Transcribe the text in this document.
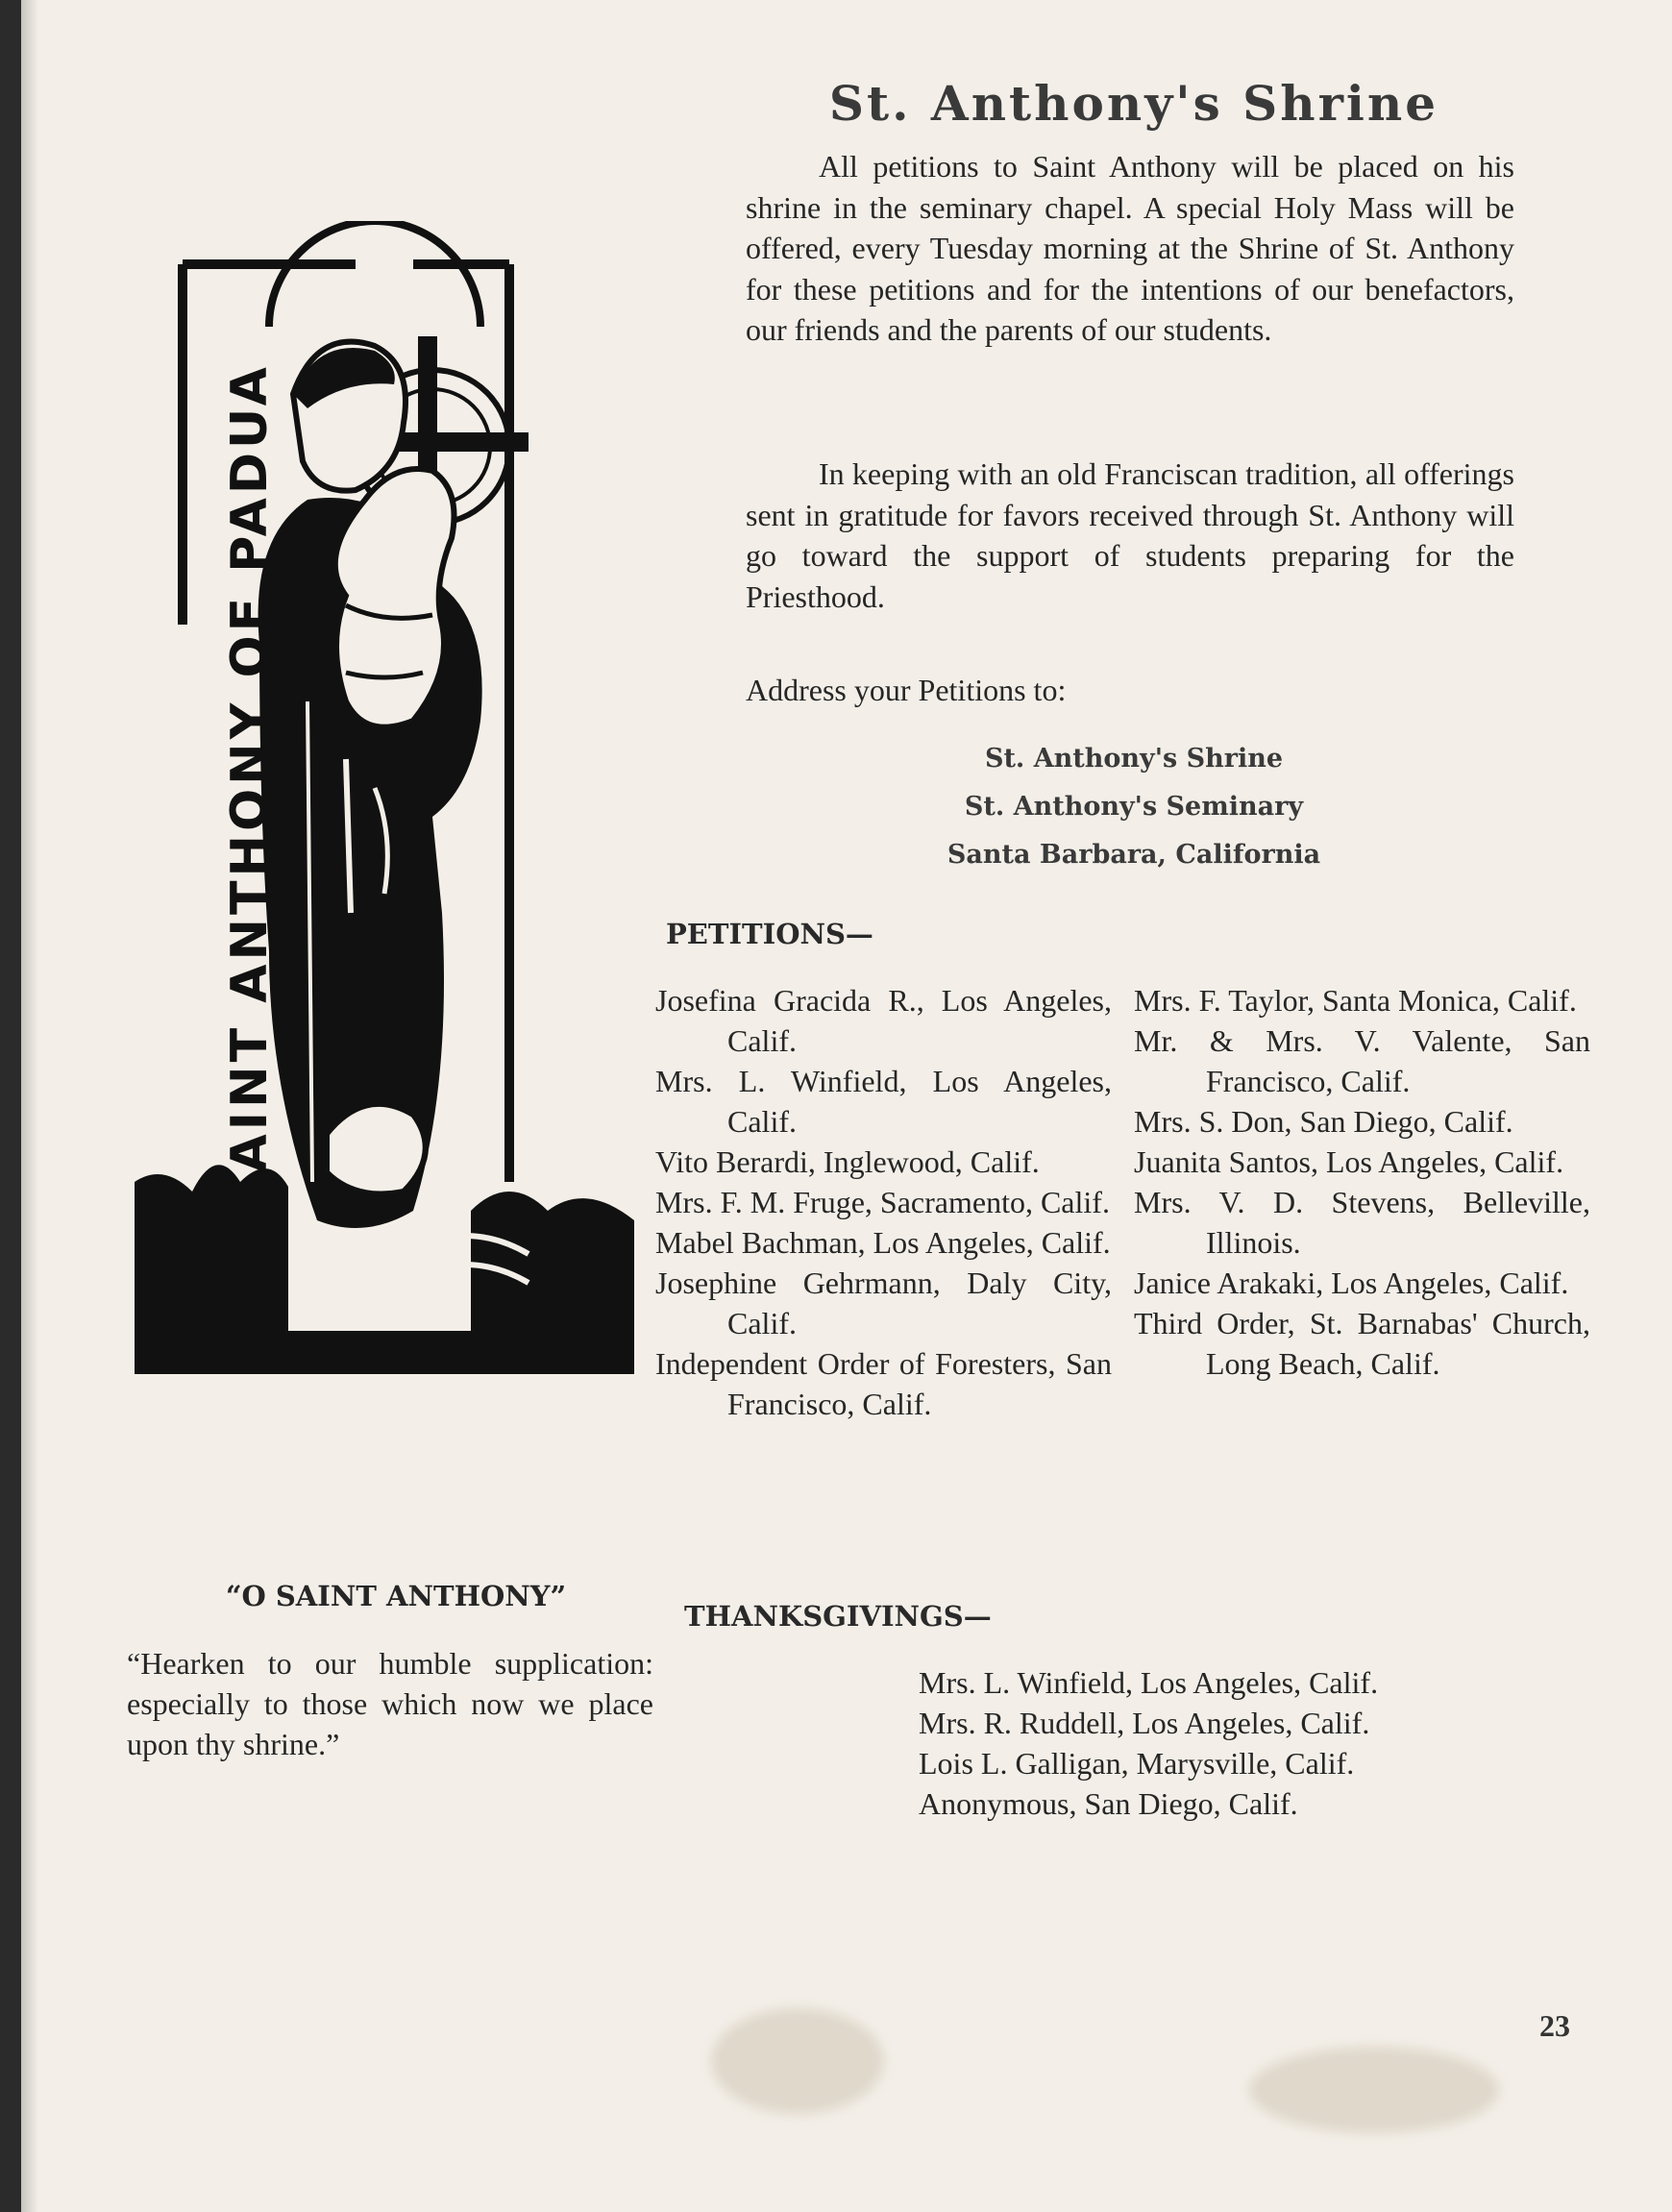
St. Anthony's Shrine

All petitions to Saint Anthony will be placed on his shrine in the seminary chapel. A special Holy Mass will be offered, every Tuesday morning at the Shrine of St. Anthony for these petitions and for the intentions of our benefactors, our friends and the parents of our students.

In keeping with an old Franciscan tradition, all offerings sent in gratitude for favors received through St. Anthony will go toward the support of students preparing for the Priesthood.

Address your Petitions to:

St. Anthony's Shrine
St. Anthony's Seminary
Santa Barbara, California
SAINT ANTHONY OF PADUA
“O SAINT ANTHONY”
“Hearken to our humble supplication: especially to those which now we place upon thy shrine.”
PETITIONS—
Josefina Gracida R., Los Angeles, Calif.
Mrs. L. Winfield, Los Angeles, Calif.
Vito Berardi, Inglewood, Calif.
Mrs. F. M. Fruge, Sacramento, Calif.
Mabel Bachman, Los Angeles, Calif.
Josephine Gehrmann, Daly City, Calif.
Independent Order of Foresters, San Francisco, Calif.
Mrs. F. Taylor, Santa Monica, Calif.
Mr. & Mrs. V. Valente, San Francisco, Calif.
Mrs. S. Don, San Diego, Calif.
Juanita Santos, Los Angeles, Calif.
Mrs. V. D. Stevens, Belleville, Illinois.
Janice Arakaki, Los Angeles, Calif.
Third Order, St. Barnabas' Church, Long Beach, Calif.
THANKSGIVINGS—
Mrs. L. Winfield, Los Angeles, Calif.
Mrs. R. Ruddell, Los Angeles, Calif.
Lois L. Galligan, Marysville, Calif.
Anonymous, San Diego, Calif.
23
